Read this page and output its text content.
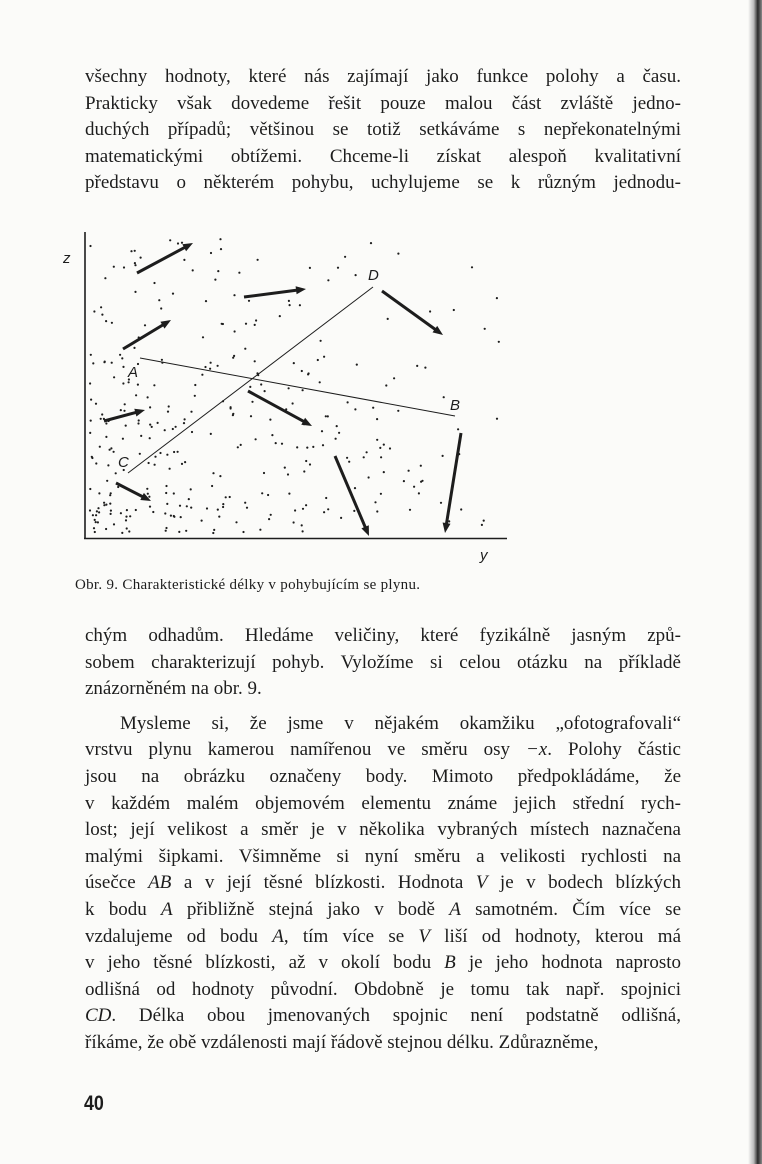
všechny hodnoty, které nás zajímají jako funkce polohy a času.
Prakticky však dovedeme řešit pouze malou část zvláště jedno-
duchých případů; většinou se totiž setkáváme s nepřekonatelnými
matematickými obtížemi. Chceme-li získat alespoň kvalitativní
představu o některém pohybu, uchylujeme se k různým jednodu-
z
y
A
B
C
D
Obr. 9. Charakteristické délky v pohybujícím se plynu.
chým odhadům. Hledáme veličiny, které fyzikálně jasným způ-
sobem charakterizují pohyb. Vyložíme si celou otázku na příkladě
znázorněném na obr. 9.
Mysleme si, že jsme v nějakém okamžiku „ofotografovali“
vrstvu plynu kamerou namířenou ve směru osy −x. Polohy částic
jsou na obrázku označeny body. Mimoto předpokládáme, že
v každém malém objemovém elementu známe jejich střední rych-
lost; její velikost a směr je v několika vybraných místech naznačena
malými šipkami. Všimněme si nyní směru a velikosti rychlosti na
úsečce AB a v její těsné blízkosti. Hodnota V je v bodech blízkých
k bodu A přibližně stejná jako v bodě A samotném. Čím více se
vzdalujeme od bodu A, tím více se V liší od hodnoty, kterou má
v jeho těsné blízkosti, až v okolí bodu B je jeho hodnota naprosto
odlišná od hodnoty původní. Obdobně je tomu tak např. spojnici
CD. Délka obou jmenovaných spojnic není podstatně odlišná,
říkáme, že obě vzdálenosti mají řádově stejnou délku. Zdůrazněme,
40
